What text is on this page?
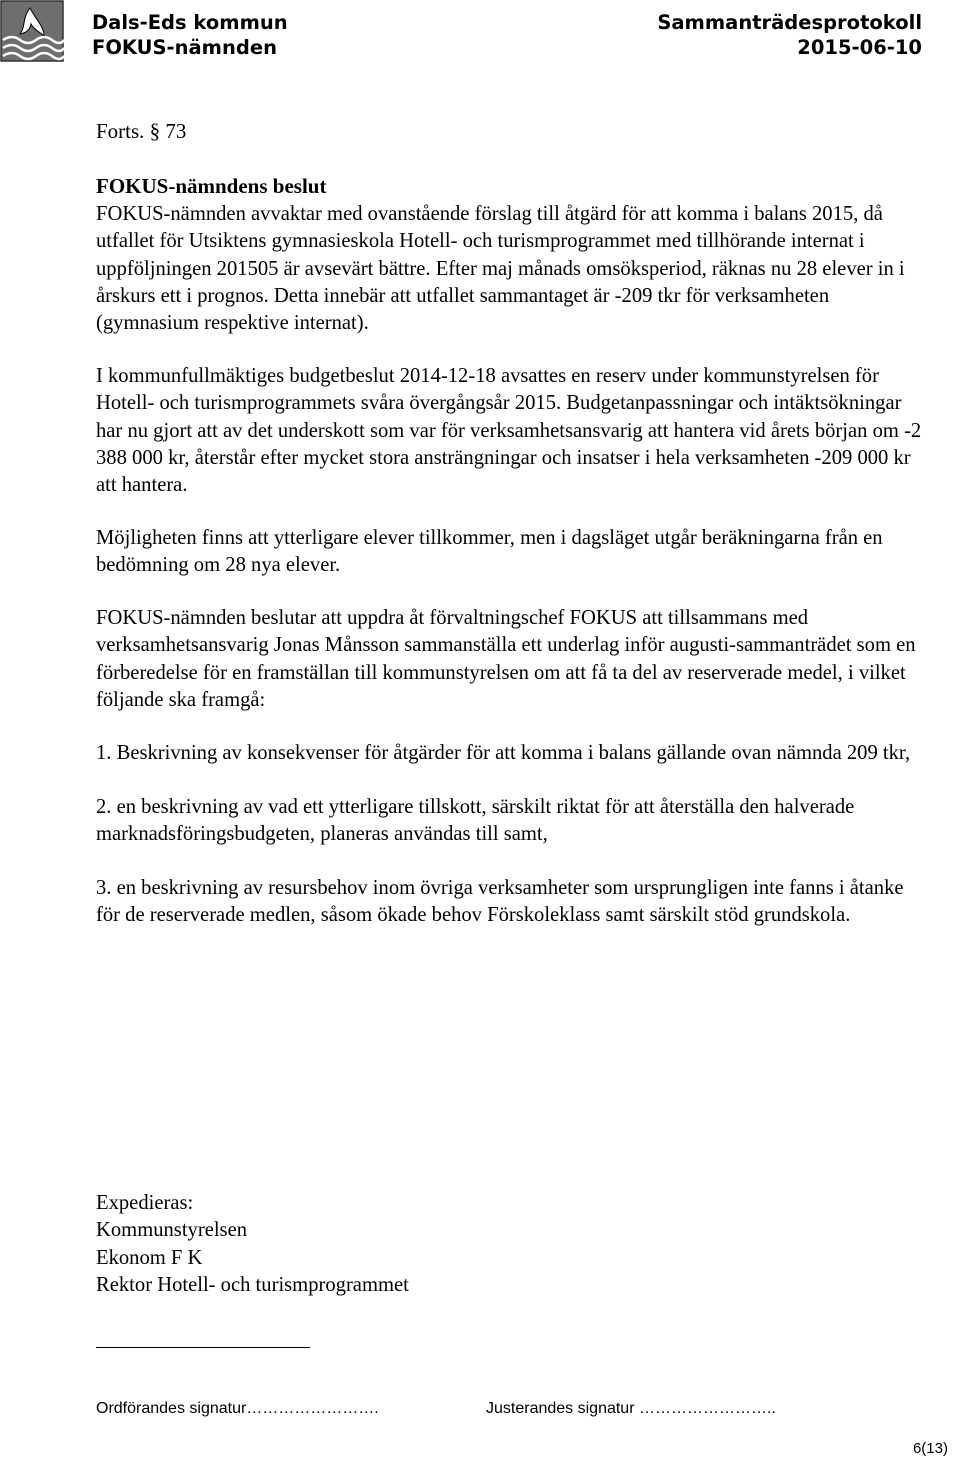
Dals-Eds kommun
FOKUS-nämnden
Sammanträdesprotokoll
2015-06-10

Forts. § 73

FOKUS-nämndens beslut

FOKUS-nämnden avvaktar med ovanstående förslag till åtgärd för att komma i balans 2015, då utfallet för Utsiktens gymnasieskola Hotell- och turismprogrammet med tillhörande internat i uppföljningen 201505 är avsevärt bättre. Efter maj månads omsöksperiod, räknas nu 28 elever in i årskurs ett i prognos. Detta innebär att utfallet sammantaget är -209 tkr för verksamheten (gymnasium respektive internat).

I kommunfullmäktiges budgetbeslut 2014-12-18 avsattes en reserv under kommunstyrelsen för Hotell- och turismprogrammets svåra övergångsår 2015. Budgetanpassningar och intäktsökningar har nu gjort att av det underskott som var för verksamhetsansvarig att hantera vid årets början om -2 388 000 kr, återstår efter mycket stora ansträngningar och insatser i hela verksamheten -209 000 kr att hantera.

Möjligheten finns att ytterligare elever tillkommer, men i dagsläget utgår beräkningarna från en bedömning om 28 nya elever.

FOKUS-nämnden beslutar att uppdra åt förvaltningschef FOKUS att tillsammans med verksamhetsansvarig Jonas Månsson sammanställa ett underlag inför augusti-sammanträdet som en förberedelse för en framställan till kommunstyrelsen om att få ta del av reserverade medel, i vilket följande ska framgå:

1. Beskrivning av konsekvenser för åtgärder för att komma i balans gällande ovan nämnda 209 tkr,

2. en beskrivning av vad ett ytterligare tillskott, särskilt riktat för att återställa den halverade marknadsföringsbudgeten, planeras användas till samt,

3. en beskrivning av resursbehov inom övriga verksamheter som ursprungligen inte fanns i åtanke för de reserverade medlen, såsom ökade behov Förskoleklass samt särskilt stöd grundskola.

Expedieras:
Kommunstyrelsen
Ekonom F K
Rektor Hotell- och turismprogrammet
Ordförandes signatur…………………….	Justerandes signatur ……………………..
6(13)
